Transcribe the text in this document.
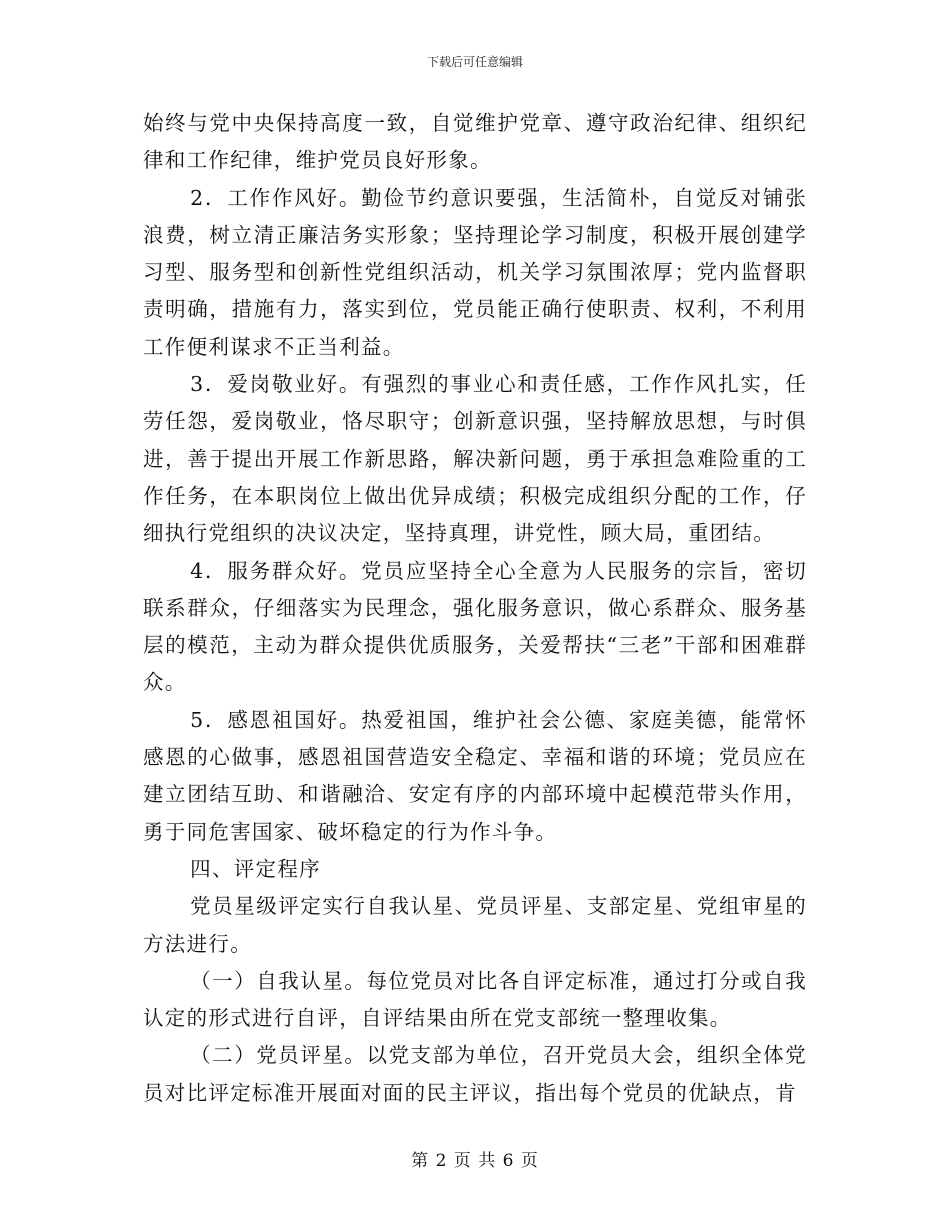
下载后可任意编辑

始终与党中央保持高度一致，自觉维护党章、遵守政治纪律、组织纪律和工作纪律，维护党员良好形象。

2．工作作风好。勤俭节约意识要强，生活简朴，自觉反对铺张浪费，树立清正廉洁务实形象；坚持理论学习制度，积极开展创建学习型、服务型和创新性党组织活动，机关学习氛围浓厚；党内监督职责明确，措施有力，落实到位，党员能正确行使职责、权利，不利用工作便利谋求不正当利益。

3．爱岗敬业好。有强烈的事业心和责任感，工作作风扎实，任劳任怨，爱岗敬业，恪尽职守；创新意识强，坚持解放思想，与时俱进，善于提出开展工作新思路，解决新问题，勇于承担急难险重的工作任务，在本职岗位上做出优异成绩；积极完成组织分配的工作，仔细执行党组织的决议决定，坚持真理，讲党性，顾大局，重团结。

4．服务群众好。党员应坚持全心全意为人民服务的宗旨，密切联系群众，仔细落实为民理念，强化服务意识，做心系群众、服务基层的模范，主动为群众提供优质服务，关爱帮扶“三老”干部和困难群众。

5．感恩祖国好。热爱祖国，维护社会公德、家庭美德，能常怀感恩的心做事，感恩祖国营造安全稳定、幸福和谐的环境；党员应在建立团结互助、和谐融洽、安定有序的内部环境中起模范带头作用，勇于同危害国家、破坏稳定的行为作斗争。

四、评定程序

党员星级评定实行自我认星、党员评星、支部定星、党组审星的方法进行。

（一）自我认星。每位党员对比各自评定标准，通过打分或自我认定的形式进行自评，自评结果由所在党支部统一整理收集。

（二）党员评星。以党支部为单位，召开党员大会，组织全体党员对比评定标准开展面对面的民主评议，指出每个党员的优缺点，肯

第 2 页 共 6 页
